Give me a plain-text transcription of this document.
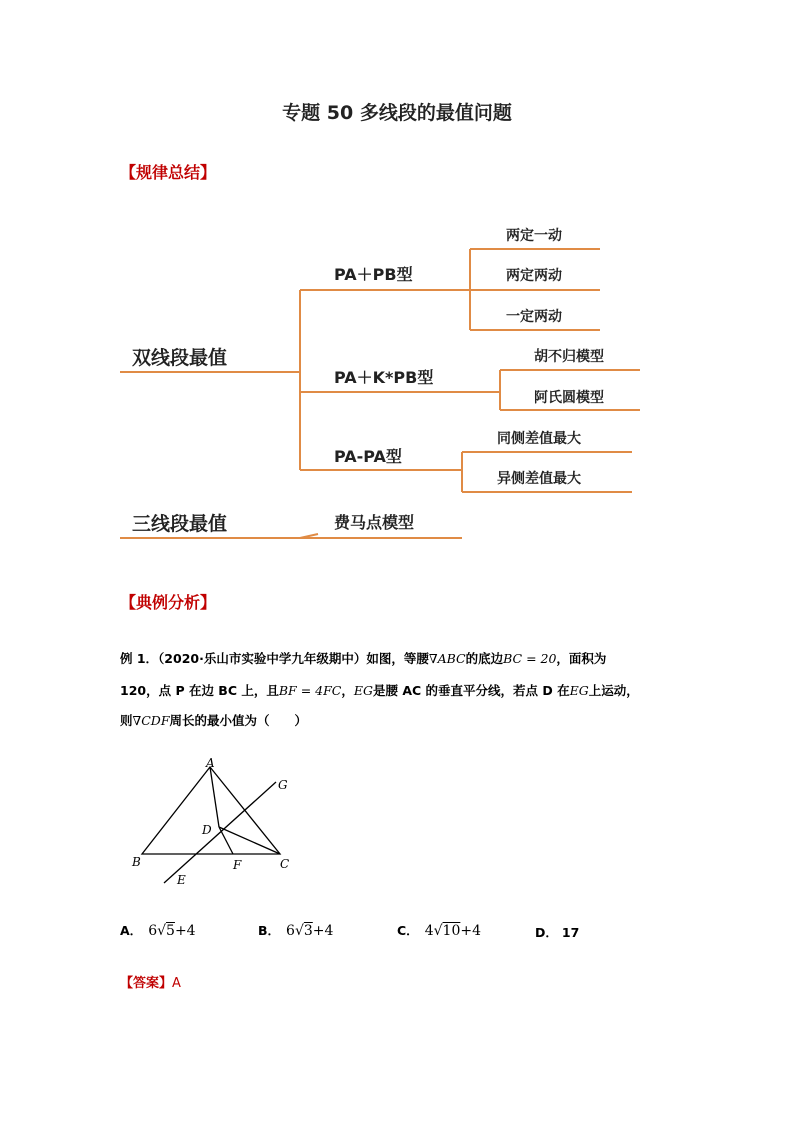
专题 50 多线段的最值问题
【规律总结】
双线段最值
三线段最值
PA＋PB型
PA＋K*PB型
PA-PA型
费马点模型
两定一动
两定两动
一定两动
胡不归模型
阿氏圆模型
同侧差值最大
异侧差值最大
【典例分析】
例 1．（2020·乐山市实验中学九年级期中）如图，等腰∇ABC的底边BC = 20，面积为
120，点 P 在边 BC 上，且BF = 4FC，EG是腰 AC 的垂直平分线，若点 D 在EG上运动，
则∇CDF周长的最小值为（　　）
A
B	C
D
E
F
G
A． 6√5+4	B． 6√3+4	C． 4√10+4	D． 17
【答案】A
